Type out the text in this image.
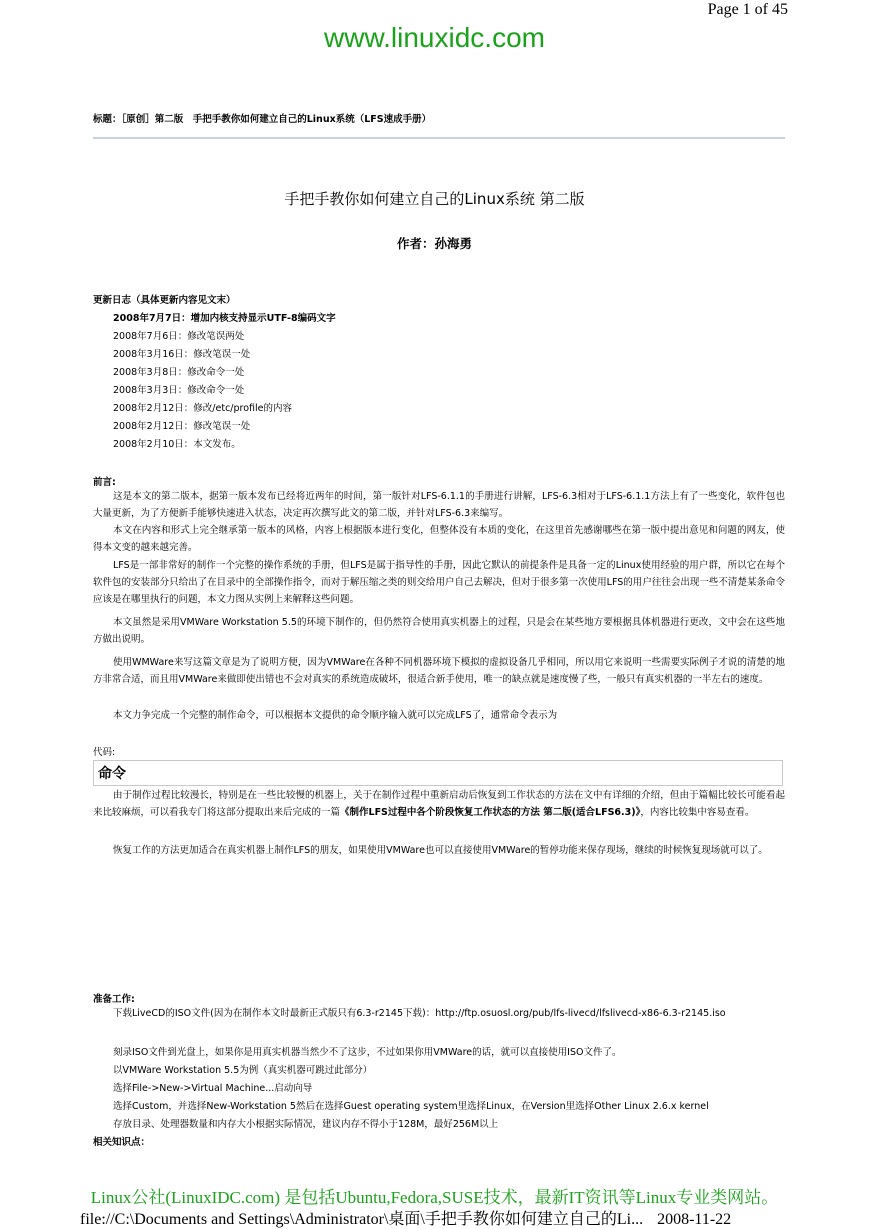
Page 1 of 45
www.linuxidc.com
标题：［原创］第二版　手把手教你如何建立自己的Linux系统（LFS速成手册）
手把手教你如何建立自己的Linux系统 第二版
作者：孙海勇
更新日志（具体更新内容见文末）
2008年7月7日：增加内核支持显示UTF-8编码文字
2008年7月6日：修改笔误两处
2008年3月16日：修改笔误一处
2008年3月8日：修改命令一处
2008年3月3日：修改命令一处
2008年2月12日：修改/etc/profile的内容
2008年2月12日：修改笔误一处
2008年2月10日：本文发布。
前言:
这是本文的第二版本，据第一版本发布已经将近两年的时间，第一版针对LFS-6.1.1的手册进行讲解，LFS-6.3相对于LFS-6.1.1方法上有了一些变化，软件包也大量更新，为了方便新手能够快速进入状态，决定再次撰写此文的第二版，并针对LFS-6.3来编写。
本文在内容和形式上完全继承第一版本的风格，内容上根据版本进行变化，但整体没有本质的变化，在这里首先感谢哪些在第一版中提出意见和问题的网友，使得本文变的越来越完善。
LFS是一部非常好的制作一个完整的操作系统的手册，但LFS是属于指导性的手册，因此它默认的前提条件是具备一定的Linux使用经验的用户群，所以它在每个软件包的安装部分只给出了在目录中的全部操作指令，而对于解压缩之类的则交给用户自己去解决，但对于很多第一次使用LFS的用户往往会出现一些不清楚某条命令应该是在哪里执行的问题，本文力图从实例上来解释这些问题。
本文虽然是采用VMWare Workstation 5.5的环境下制作的，但仍然符合使用真实机器上的过程，只是会在某些地方要根据具体机器进行更改，文中会在这些地方做出说明。
使用WMWare来写这篇文章是为了说明方便，因为VMWare在各种不同机器环境下模拟的虚拟设备几乎相同，所以用它来说明一些需要实际例子才说的清楚的地方非常合适，而且用VMWare来做即使出错也不会对真实的系统造成破坏，很适合新手使用，唯一的缺点就是速度慢了些，一般只有真实机器的一半左右的速度。
本文力争完成一个完整的制作命令，可以根据本文提供的命令顺序输入就可以完成LFS了，通常命令表示为
代码:
命令
由于制作过程比较漫长，特别是在一些比较慢的机器上，关于在制作过程中重新启动后恢复到工作状态的方法在文中有详细的介绍，但由于篇幅比较长可能看起来比较麻烦，可以看我专门将这部分提取出来后完成的一篇《制作LFS过程中各个阶段恢复工作状态的方法 第二版(适合LFS6.3)》，内容比较集中容易查看。
恢复工作的方法更加适合在真实机器上制作LFS的朋友，如果使用VMWare也可以直接使用VMWare的暂停功能来保存现场，继续的时候恢复现场就可以了。
准备工作:
下载LiveCD的ISO文件(因为在制作本文时最新正式版只有6.3-r2145下载)：http://ftp.osuosl.org/pub/lfs-livecd/lfslivecd-x86-6.3-r2145.iso
刻录ISO文件到光盘上，如果你是用真实机器当然少不了这步，不过如果你用VMWare的话，就可以直接使用ISO文件了。
以VMWare Workstation 5.5为例（真实机器可跳过此部分）
选择File->New->Virtual Machine...启动向导
选择Custom，并选择New-Workstation 5然后在选择Guest operating system里选择Linux，在Version里选择Other Linux 2.6.x kernel
存放目录、处理器数量和内存大小根据实际情况，建议内存不得小于128M，最好256M以上
相关知识点：
Linux公社(LinuxIDC.com) 是包括Ubuntu,Fedora,SUSE技术，最新IT资讯等Linux专业类网站。
file://C:\Documents and Settings\Administrator\桌面\手把手教你如何建立自己的Li... 2008-11-22
